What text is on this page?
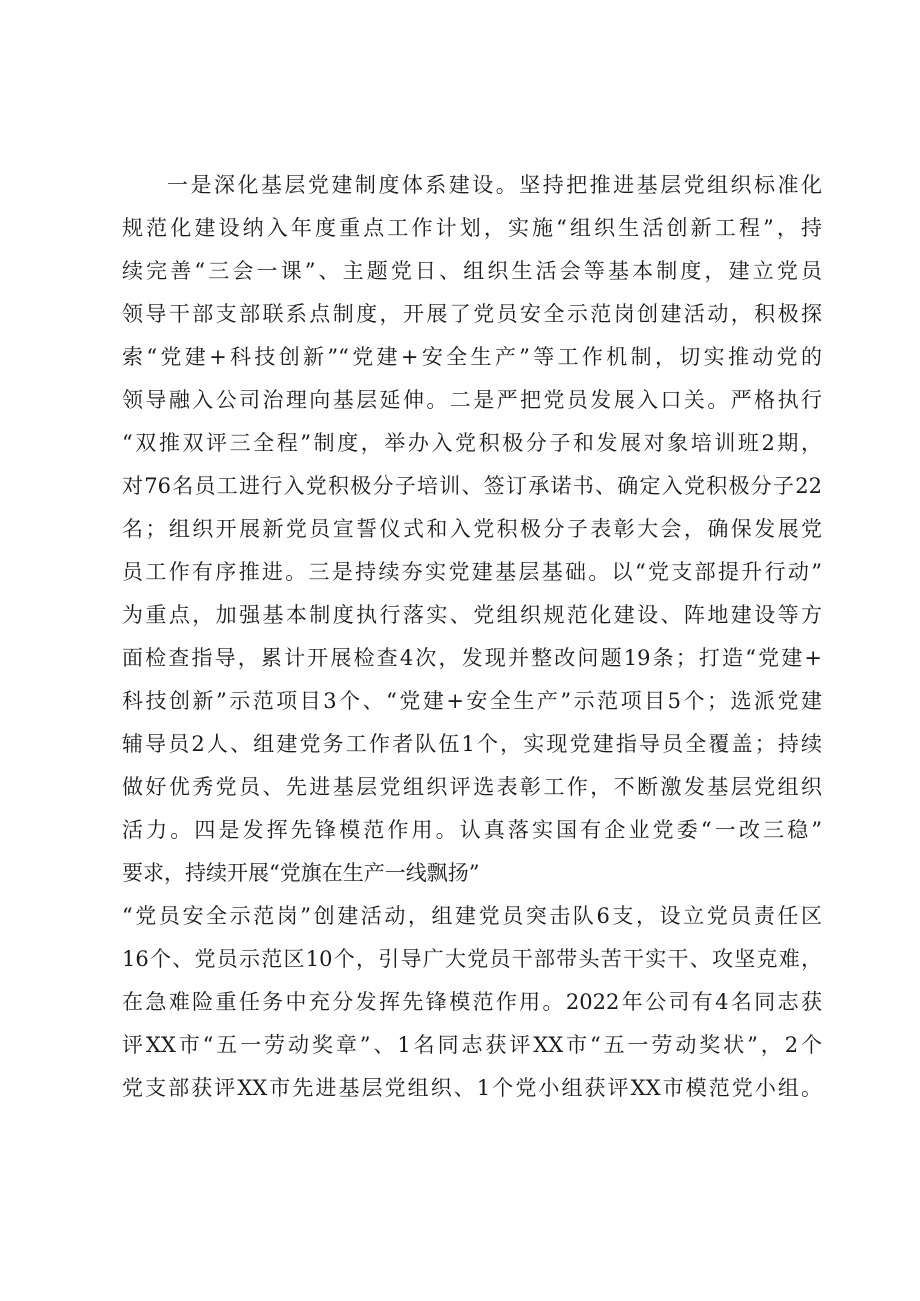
一是深化基层党建制度体系建设。坚持把推进基层党组织标准化
规范化建设纳入年度重点工作计划，实施“组织生活创新工程”，持
续完善“三会一课”、主题党日、组织生活会等基本制度，建立党员
领导干部支部联系点制度，开展了党员安全示范岗创建活动，积极探
索“党建+科技创新”“党建+安全生产”等工作机制，切实推动党的
领导融入公司治理向基层延伸。二是严把党员发展入口关。严格执行
“双推双评三全程”制度，举办入党积极分子和发展对象培训班2期，
对76名员工进行入党积极分子培训、签订承诺书、确定入党积极分子22
名；组织开展新党员宣誓仪式和入党积极分子表彰大会，确保发展党
员工作有序推进。三是持续夯实党建基层基础。以“党支部提升行动”
为重点，加强基本制度执行落实、党组织规范化建设、阵地建设等方
面检查指导，累计开展检查4次，发现并整改问题19条；打造“党建+
科技创新”示范项目3个、“党建+安全生产”示范项目5个；选派党建
辅导员2人、组建党务工作者队伍1个，实现党建指导员全覆盖；持续
做好优秀党员、先进基层党组织评选表彰工作，不断激发基层党组织
活力。四是发挥先锋模范作用。认真落实国有企业党委“一改三稳”
要求，持续开展“党旗在生产一线飘扬”
“党员安全示范岗”创建活动，组建党员突击队6支，设立党员责任区
16个、党员示范区10个，引导广大党员干部带头苦干实干、攻坚克难，
在急难险重任务中充分发挥先锋模范作用。2022年公司有4名同志获
评XX市“五一劳动奖章”、1名同志获评XX市“五一劳动奖状”，2个
党支部获评XX市先进基层党组织、1个党小组获评XX市模范党小组。
